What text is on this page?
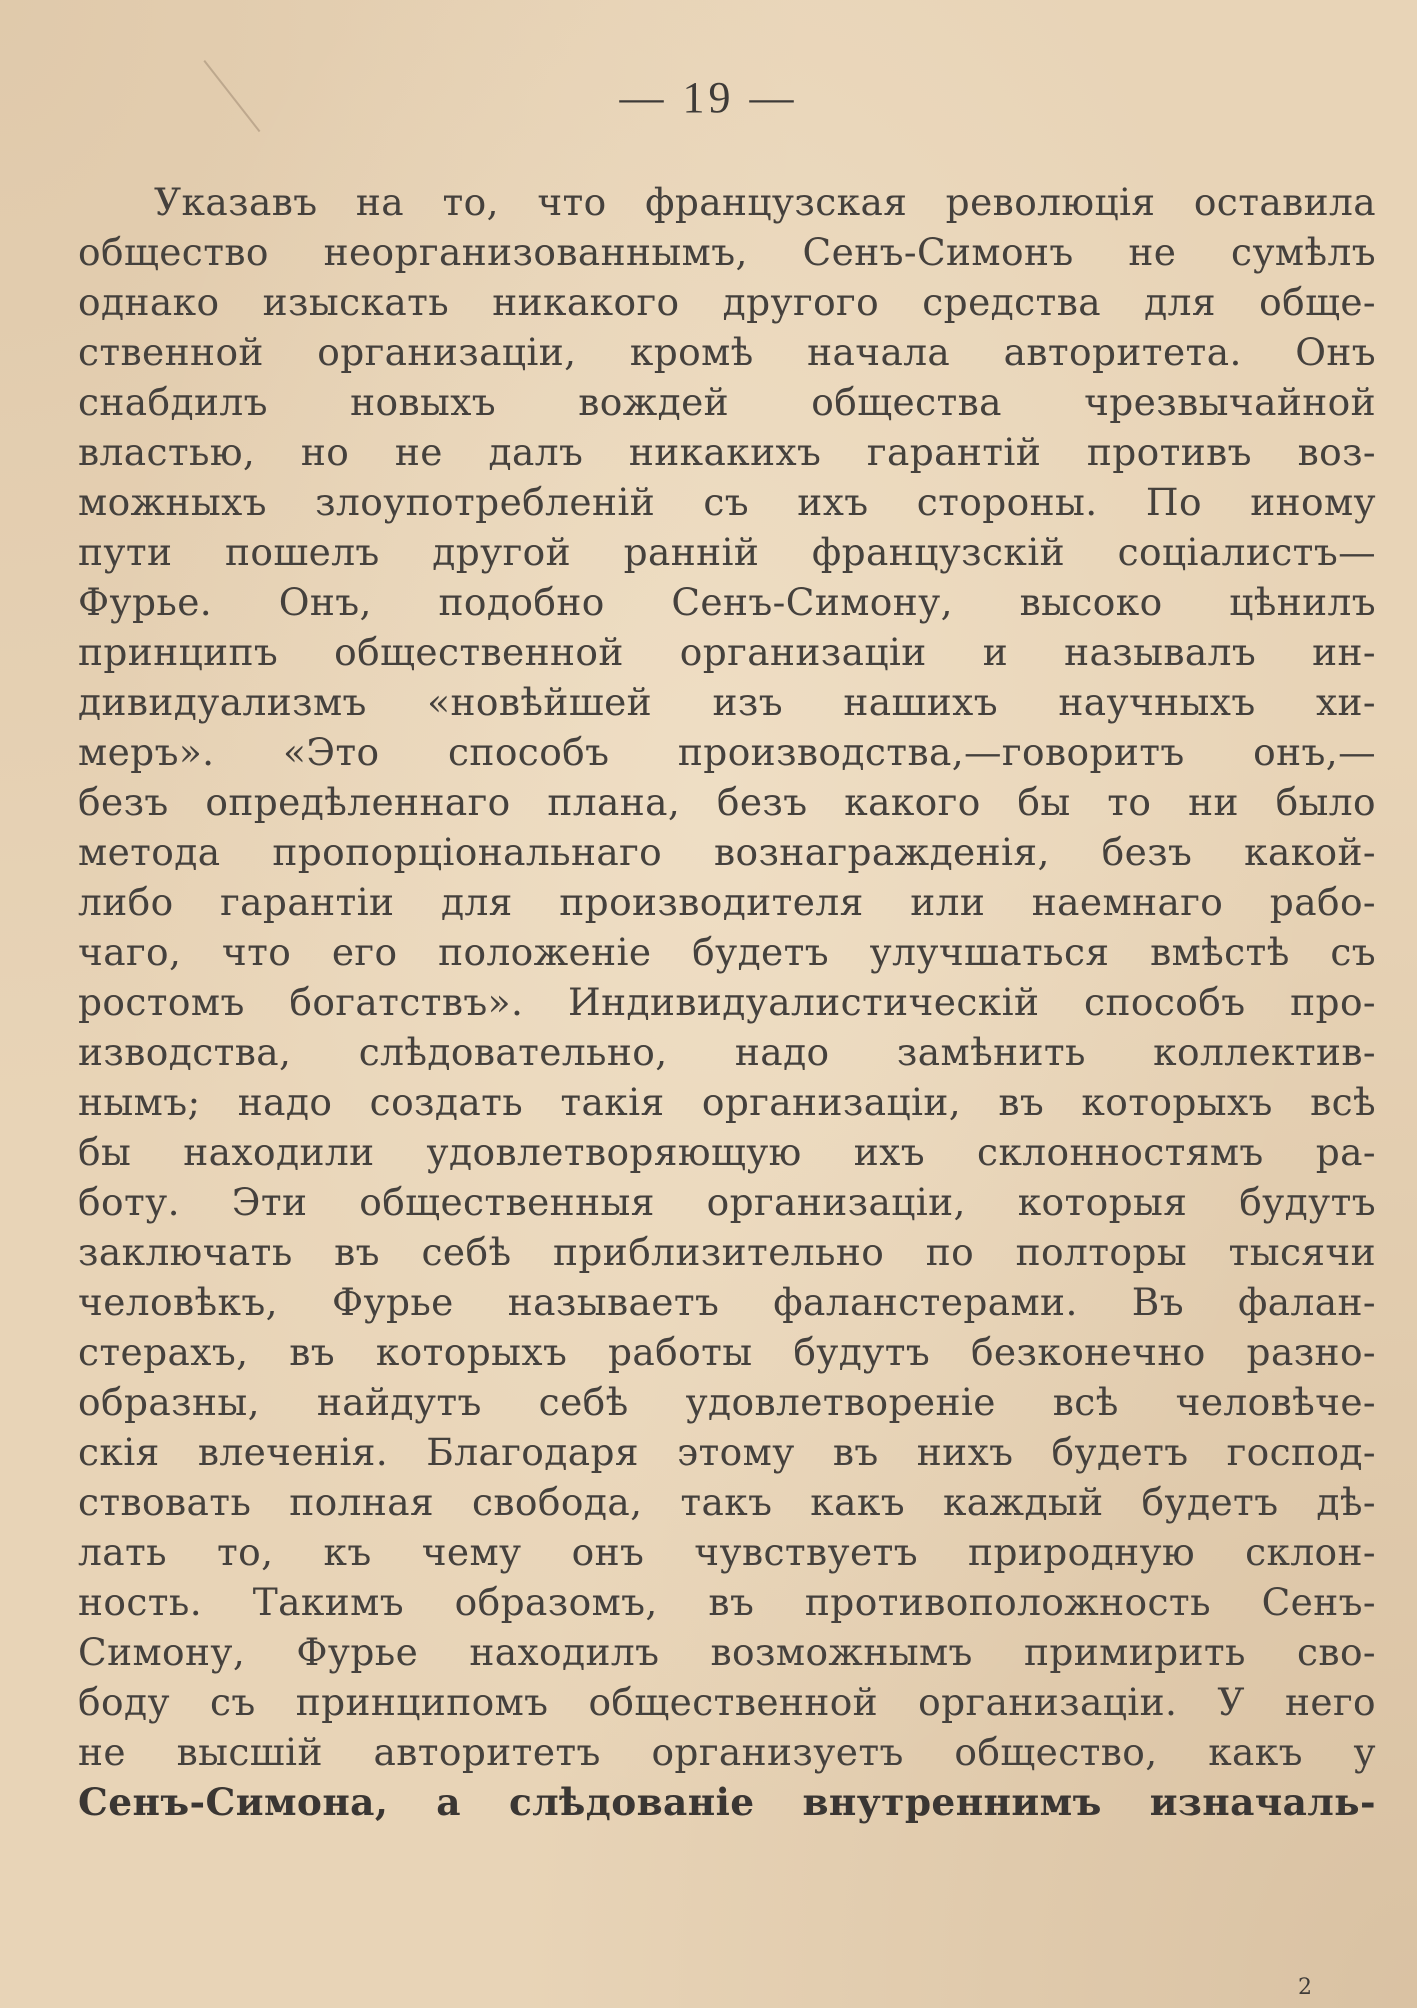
— 19 —
Указавъ на то, что французская революцiя оставила
общество неорганизованнымъ, Сенъ-Симонъ не сумѣлъ
однако изыскать никакого другого средства для обще-
ственной организацiи, кромѣ начала авторитета. Онъ
снабдилъ новыхъ вождей общества чрезвычайной
властью, но не далъ никакихъ гарантiй противъ воз-
можныхъ злоупотребленiй съ ихъ стороны. По иному
пути пошелъ другой раннiй французскiй соцiалистъ—
Фурье. Онъ, подобно Сенъ-Симону, высоко цѣнилъ
принципъ общественной организацiи и называлъ ин-
дивидуализмъ «новѣйшей изъ нашихъ научныхъ хи-
меръ». «Это способъ производства,—говоритъ онъ,—
безъ опредѣленнаго плана, безъ какого бы то ни было
метода пропорцiональнаго вознагражденiя, безъ какой-
либо гарантiи для производителя или наемнаго рабо-
чаго, что его положенiе будетъ улучшаться вмѣстѣ съ
ростомъ богатствъ». Индивидуалистическiй способъ про-
изводства, слѣдовательно, надо замѣнить коллектив-
нымъ; надо создать такiя организацiи, въ которыхъ всѣ
бы находили удовлетворяющую ихъ склонностямъ ра-
боту. Эти общественныя организацiи, которыя будутъ
заключать въ себѣ приблизительно по полторы тысячи
человѣкъ, Фурье называетъ фаланстерами. Въ фалан-
стерахъ, въ которыхъ работы будутъ безконечно разно-
образны, найдутъ себѣ удовлетворенiе всѣ человѣче-
скiя влеченiя. Благодаря этому въ нихъ будетъ господ-
ствовать полная свобода, такъ какъ каждый будетъ дѣ-
лать то, къ чему онъ чувствуетъ природную склон-
ность. Такимъ образомъ, въ противоположность Сенъ-
Симону, Фурье находилъ возможнымъ примирить сво-
боду съ принципомъ общественной организацiи. У него
не высшiй авторитетъ организуетъ общество, какъ у
Сенъ-Симона, а слѣдованiе внутреннимъ изначаль-
2
